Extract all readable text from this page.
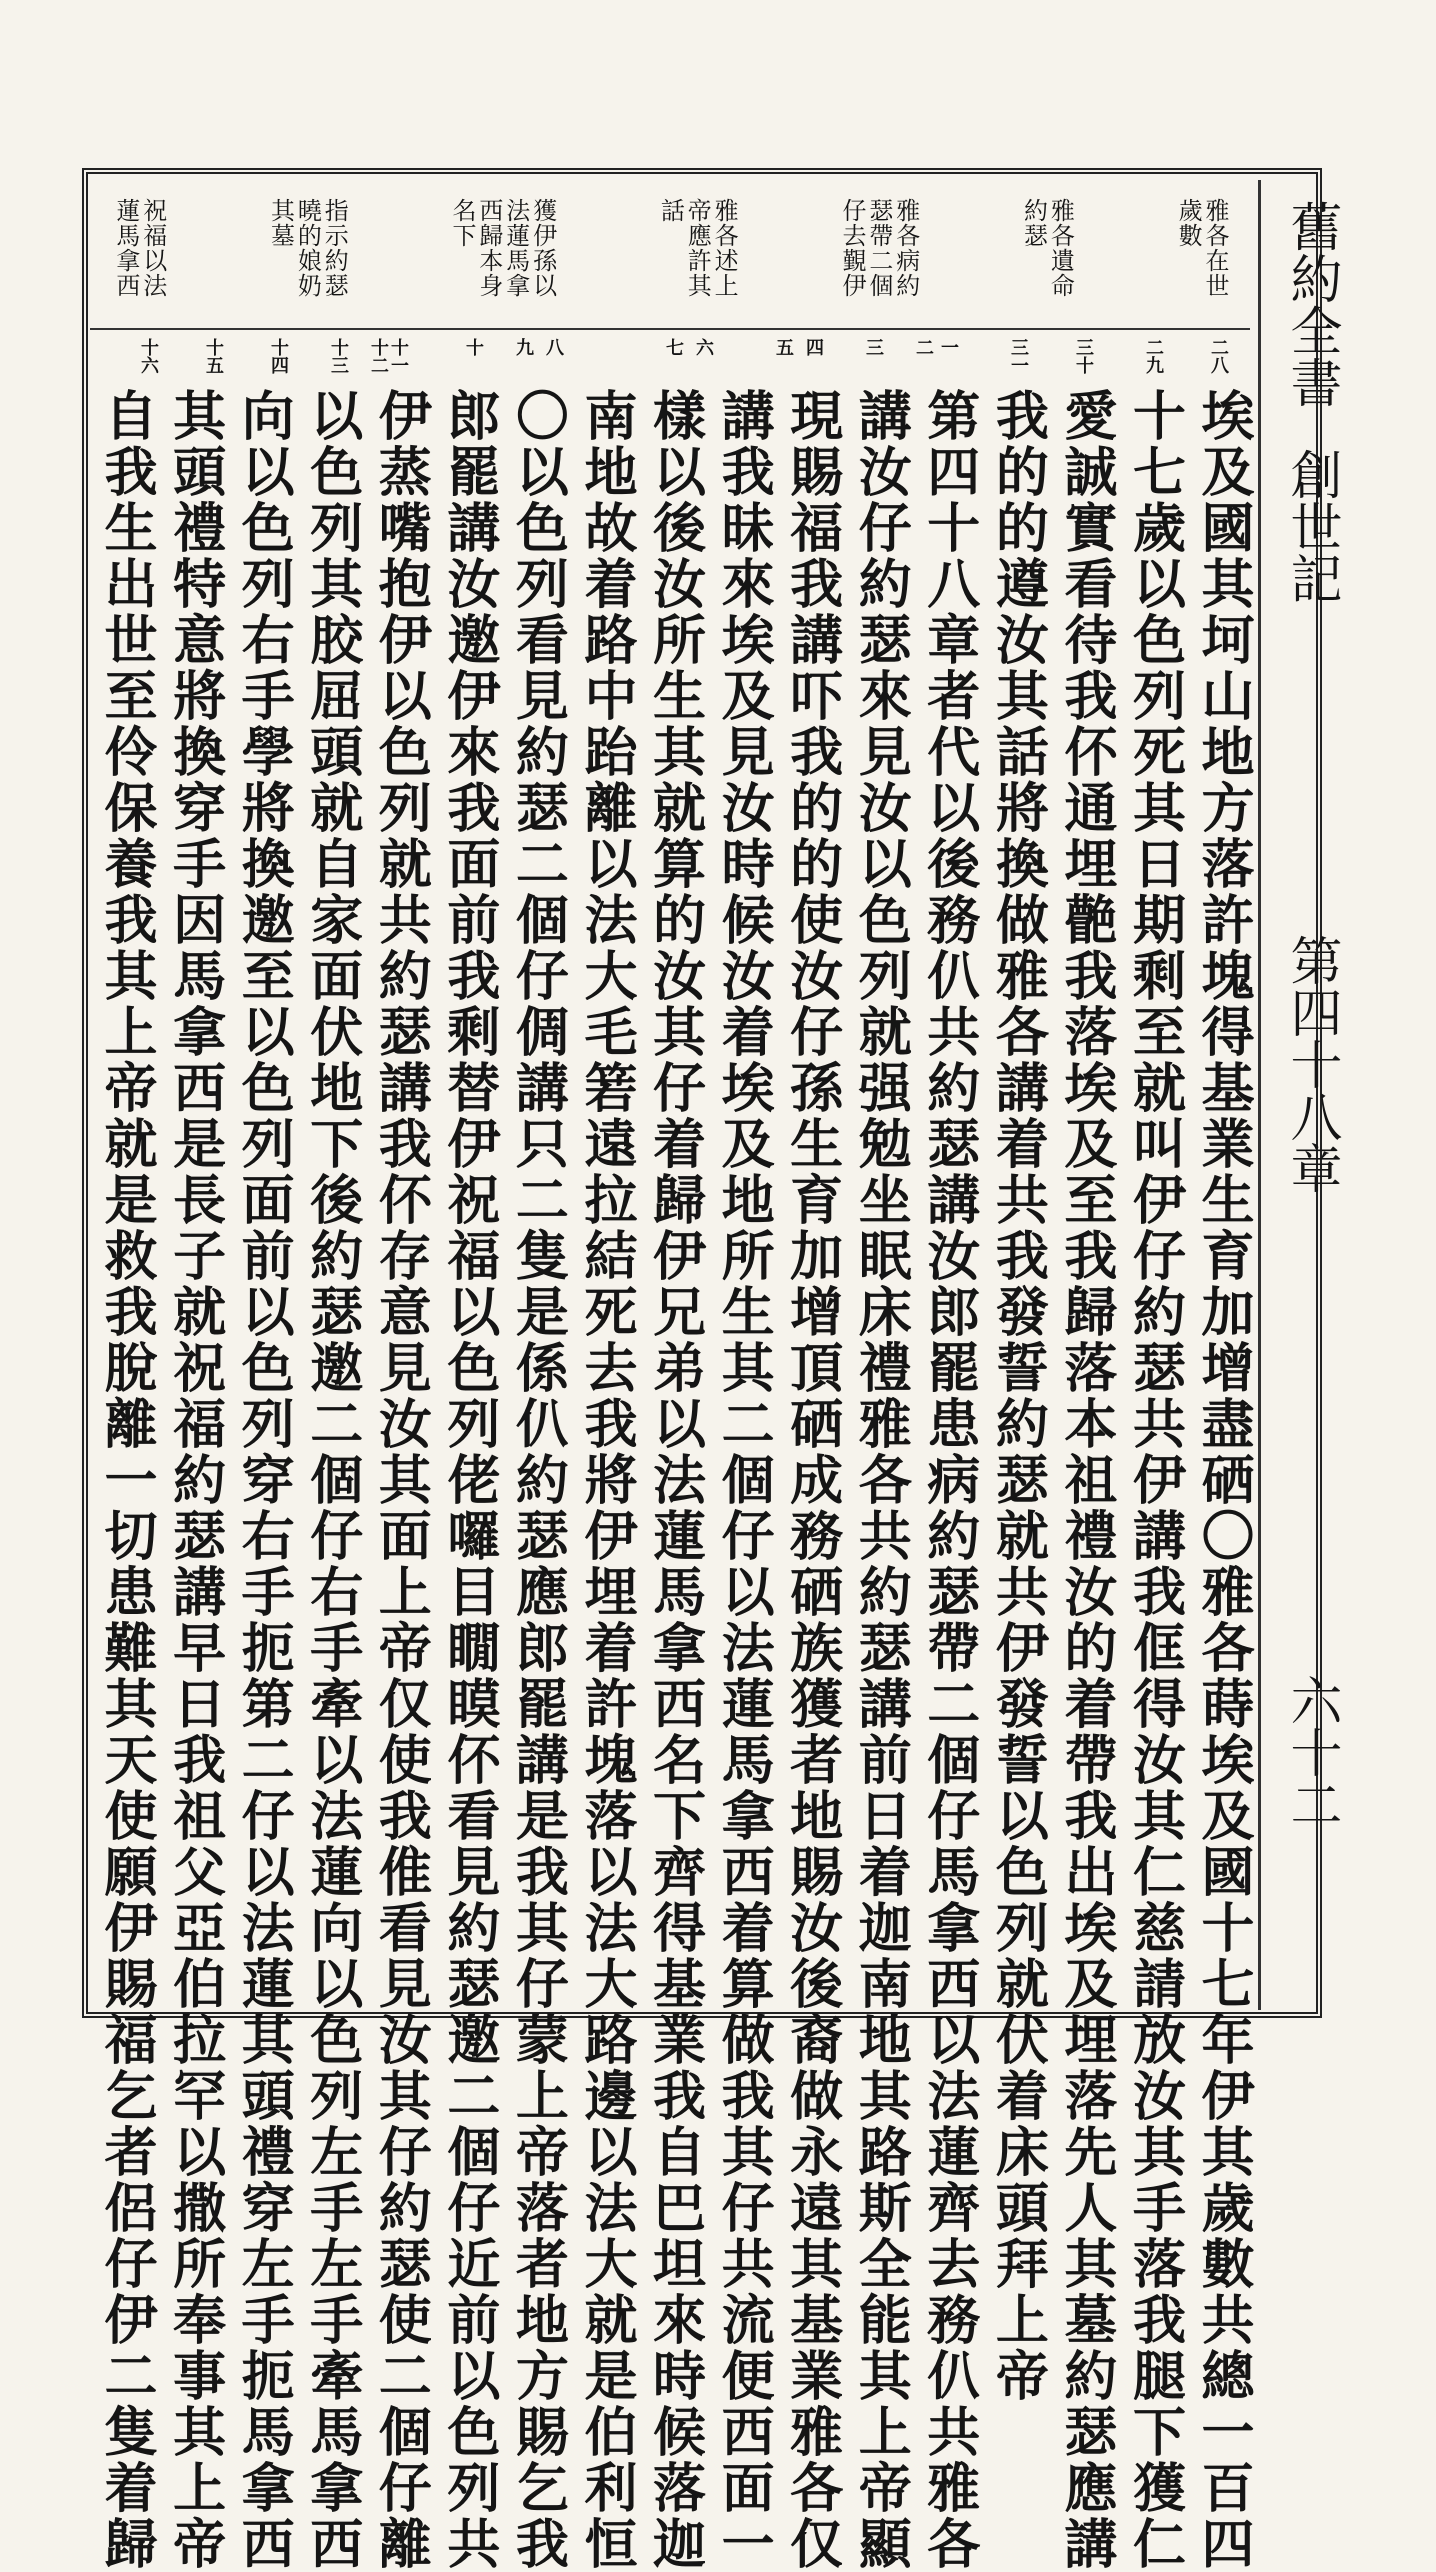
舊約全書
創世記
第四十八章
六十二
雅各在世
歲數
雅各遺命
約瑟
雅各病約
瑟帶二個
仔去覲伊
雅各述上
帝應許其
話
獲伊孫以
法蓮馬拿
西歸本身
名下
指示約瑟
曉的娘奶
其墓
祝福以法
蓮馬拿西
二八
二九
三十
三一
一
二
三
四
五
六
七
八
九
十
十一
十二
十三
十四
十五
十六
埃及國其坷山地方落許塊得基業生育加增盡硒〇雅各蒔埃及國十七年伊其歲數共總一百四
十七歲以色列死其日期剩至就叫伊仔約瑟共伊講我㑌得汝其仁慈請放汝其手落我腿下獲仁
愛誠實看待我伓通埋䒐我落埃及至我歸落本祖禮汝的着帶我出埃及埋落先人其墓約瑟應講
我的的遵汝其話將換做雅各講着共我發誓約瑟就共伊發誓以色列就伏着床頭拜上帝
第四十八章者代以後務仈共約瑟講汝郎罷患病約瑟帶二個仔馬拿西以法蓮齊去務仈共雅各
講汝仔約瑟來見汝以色列就强勉坐眠床禮雅各共約瑟講前日着迦南地其路斯全能其上帝顯
現賜福我講吓我的的使汝仔孫生育加增頂硒成務硒族獲者地賜汝後裔做永遠其基業雅各仅
講我昧來埃及見汝時候汝着埃及地所生其二個仔以法蓮馬拿西着算做我其仔共流便西面一
樣以後汝所生其就算的汝其仔着歸伊兄弟以法蓮馬拿西名下齊得基業我自巴坦來時候落迦
南地故着路中跆離以法大毛箬遠拉結死去我將伊埋着許塊落以法大路邊以法大就是伯利恒
〇以色列看見約瑟二個仔倜講只二隻是係仈約瑟應郎罷講是我其仔蒙上帝落者地方賜乞我
郎罷講汝邀伊來我面前我剩替伊祝福以色列佬囉目瞯瞙伓看見約瑟邀二個仔近前以色列共
伊蒸嘴抱伊以色列就共約瑟講我伓存意見汝其面上帝仅使我倠看見汝其仔約瑟使二個仔離
以色列其胶屈頭就自家面伏地下後約瑟邀二個仔右手牽以法蓮向以色列左手左手牽馬拿西
向以色列右手學將換邀至以色列面前以色列穿右手扼第二仔以法蓮其頭禮穿左手扼馬拿西
其頭禮特意將換穿手因馬拿西是長子就祝福約瑟講早日我祖父亞伯拉罕以撒所奉事其上帝
自我生出世至伶保養我其上帝就是救我脫離一切患難其天使願伊賜福乞者侶仔伊二隻着歸
